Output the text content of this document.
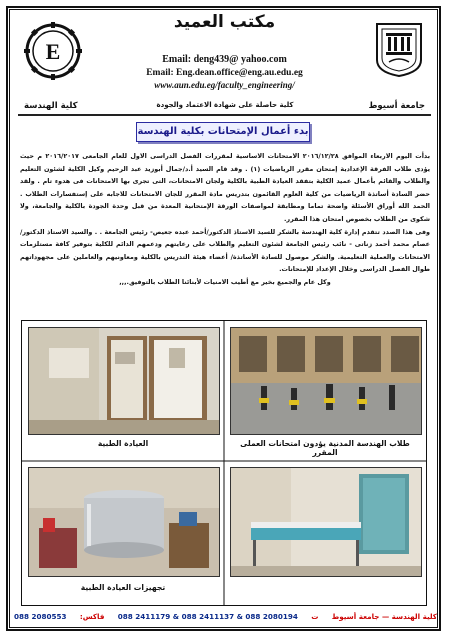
E
مكتب العميد
Email: deng439@ yahoo.com
Email: Eng.dean.office@eng.au.edu.eg
www.aun.edu.eg/faculty_engineering/
جامعة أسيوط
كلية حاصلة على شهادة الاعتماد والجودة
كلية الهندسة
بدء أعمال الإمتحانات بكلية الهندسة

بدأت اليوم الاربعاء الموافق ٢٠١٦/١٢/٢٨ الامتحانات الاساسية لمقررات الفصل الدراسى الاول للعام الجامعى ٢٠١٦/٢٠١٧ م حيث يؤدى طلاب الفرقة الإعدادية إمتحان مقرر الرياضيات (١) . وقد قام السيد أ.د/جمال أبوزيد عبد الرحيم وكيل الكلية لشئون التعليم والطلاب والقائم بأعمال عميد الكلية بتفقد العيادة الطبية بالكلية ولجان الامتحانات، التى تجرى بها الامتحانات فى هدوء تام . ولقد حضر السادة أساتذة الرياضيات من كلية العلوم القائمون بتدريس مادة المقرر للجان الامتحانات للاجابه على إستفسارات الطلاب . الحمد الله أوراق الأسئلة واضحة تماما ومطابقة لمواصفات الورقة الإمتحانية المعدة من قبل وحدة الجودة بالكلية والجامعة، ولا شكوى من الطلاب بخصوص امتحان هذا المقرر.

وفى هذا الصدد تتقدم إدارة كلية الهندسة بالشكر للسيد الاستاذ الدكتور/أحمد عبده جعيص- رئيس الجامعة . . والسيد الاستاذ الدكتور/عصام محمد أحمد زناتى - نائب رئيس الجامعة لشئون التعليم والطلاب على رعايتهم ودعمهم الدائم للكلية بتوفير كافة مستلزمات الامتحانات والعملية التعليمية. والشكر موصول للسادة الأساتذة/ أعضاء هيئة التدريس بالكلية ومعاونيهم والعاملين على مجهوداتهم طوال الفصل الدراسى وخلال الإعداد للإمتحانات.

وكل عام والجميع بخير مع أطيب الامنيات لأبنائنا الطلاب بالتوفيق.,,,

العيادة الطبية	طلاب الهندسة المدنية يؤدون امتحانات العملى المقرر
تجهيزات العيادة الطبية
كلية الهندسة — جامعة أسيوط
ت
088 2411179 & 088 2411137 & 088 2080194
فاكس:
088 2080553
